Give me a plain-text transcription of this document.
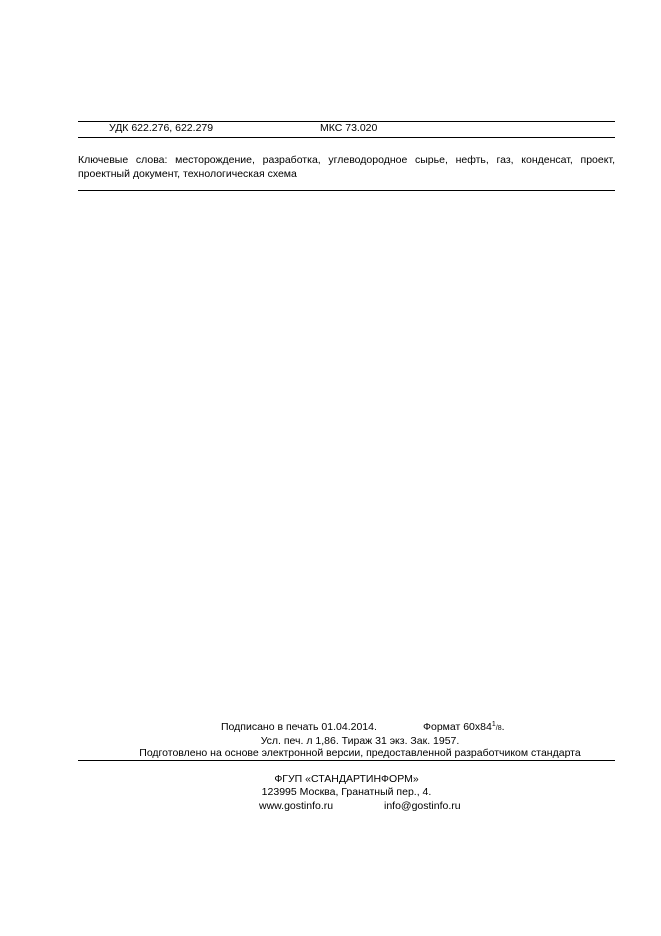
УДК 622.276, 622.279	МКС 73.020
Ключевые слова: месторождение, разработка, углеводородное сырье, нефть, газ, конденсат, проект, проектный документ, технологическая схема
Подписано в печать 01.04.2014.	Формат 60x841/8.
Усл. печ. л 1,86. Тираж 31 экз. Зак. 1957.
Подготовлено на основе электронной версии, предоставленной разработчиком стандарта
ФГУП «СТАНДАРТИНФОРМ»
123995 Москва, Гранатный пер., 4.
www.gostinfo.ru	info@gostinfo.ru
